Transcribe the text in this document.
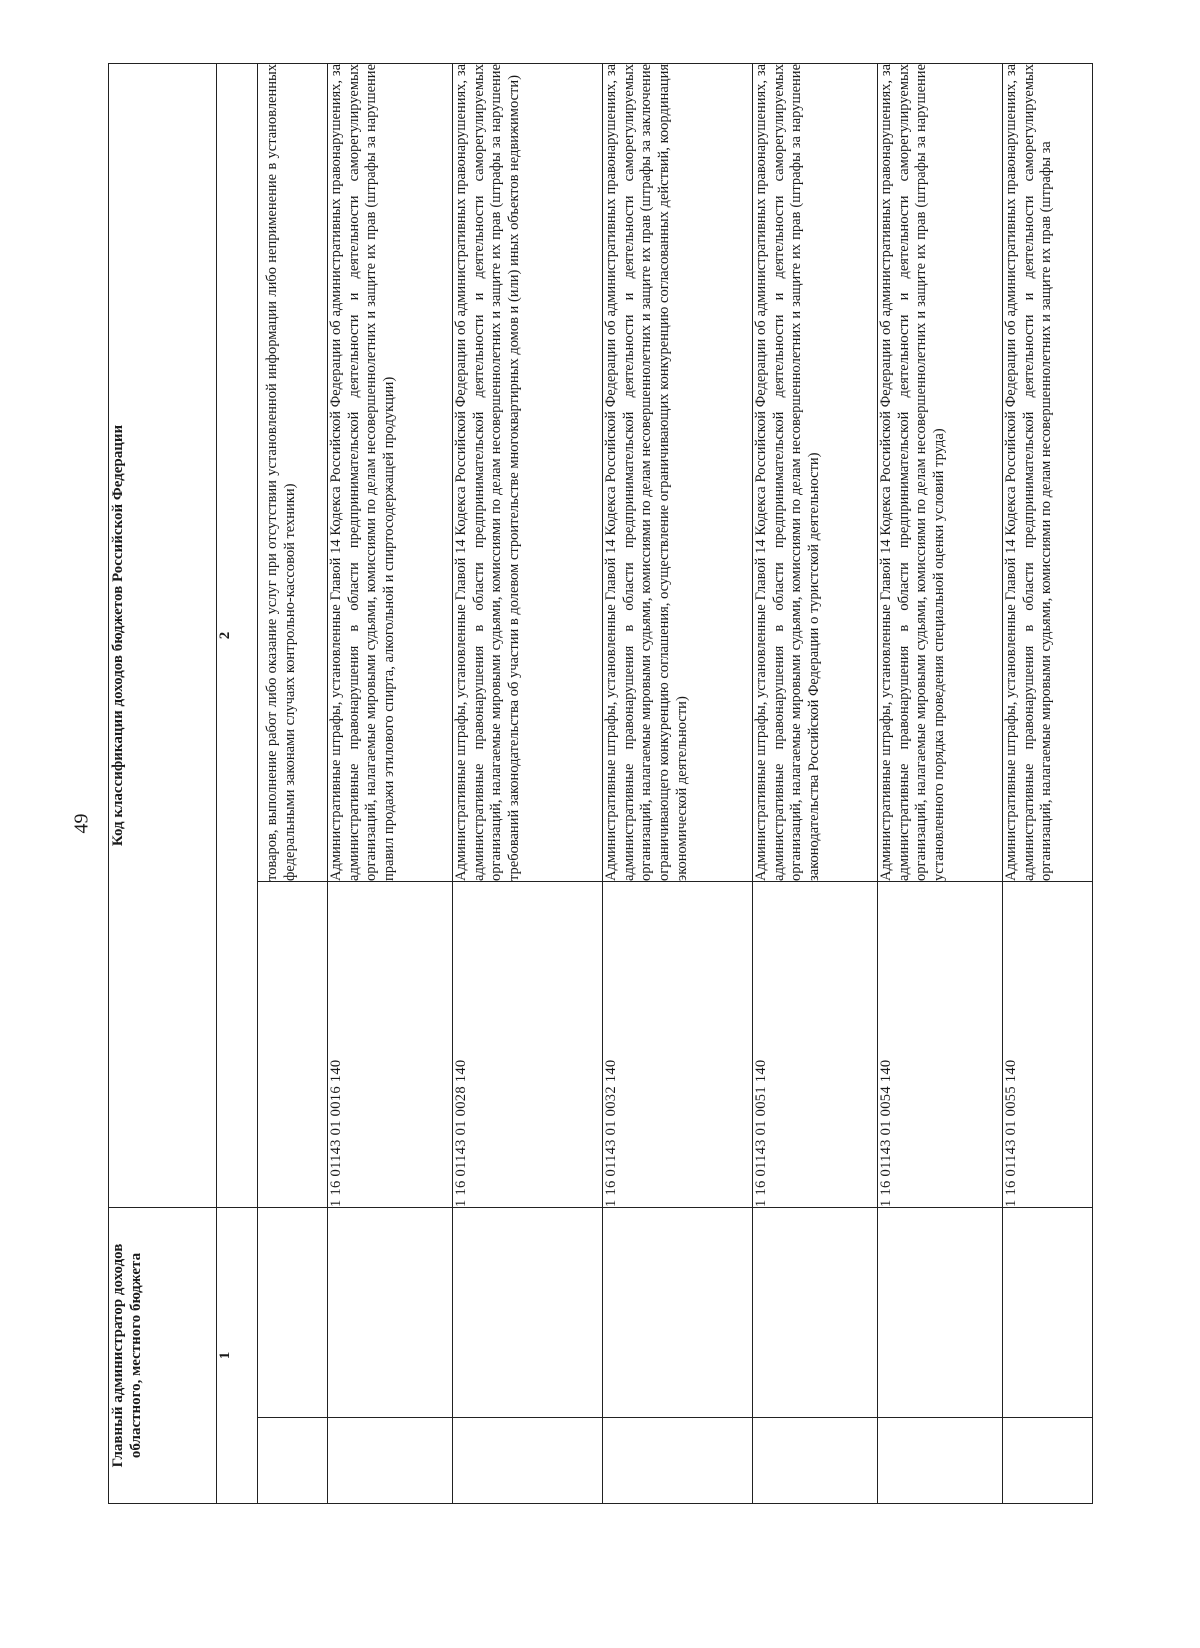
Главный администратор доходов областного, местного бюджета		Код классификации доходов бюджетов Российской Федерации	
1		2	
			товаров, выполнение работ либо оказание услуг при отсутствии установленной информации либо неприменение в установленных федеральными законами случаях контрольно-кассовой техники)
		1 16 01143 01 0016 140	Административные штрафы, установленные Главой 14 Кодекса Российской Федерации об административных правонарушениях, за административные правонарушения в области предпринимательской деятельности и деятельности саморегулируемых организаций, налагаемые мировыми судьями, комиссиями по делам несовершеннолетних и защите их прав (штрафы за нарушение правил продажи этилового спирта, алкогольной и спиртосодержащей продукции)
		1 16 01143 01 0028 140	Административные штрафы, установленные Главой 14 Кодекса Российской Федерации об административных правонарушениях, за административные правонарушения в области предпринимательской деятельности и деятельности саморегулируемых организаций, налагаемые мировыми судьями, комиссиями по делам несовершеннолетних и защите их прав (штрафы за нарушение требований законодательства об участии в долевом строительстве многоквартирных домов и (или) иных объектов недвижимости)
		1 16 01143 01 0032 140	Административные штрафы, установленные Главой 14 Кодекса Российской Федерации об административных правонарушениях, за административные правонарушения в области предпринимательской деятельности и деятельности саморегулируемых организаций, налагаемые мировыми судьями, комиссиями по делам несовершеннолетних и защите их прав (штрафы за заключение ограничивающего конкуренцию соглашения, осуществление ограничивающих конкуренцию согласованных действий, координация экономической деятельности)
		1 16 01143 01 0051 140	Административные штрафы, установленные Главой 14 Кодекса Российской Федерации об административных правонарушениях, за административные правонарушения в области предпринимательской деятельности и деятельности саморегулируемых организаций, налагаемые мировыми судьями, комиссиями по делам несовершеннолетних и защите их прав (штрафы за нарушение законодательства Российской Федерации о туристской деятельности)
		1 16 01143 01 0054 140	Административные штрафы, установленные Главой 14 Кодекса Российской Федерации об административных правонарушениях, за административные правонарушения в области предпринимательской деятельности и деятельности саморегулируемых организаций, налагаемые мировыми судьями, комиссиями по делам несовершеннолетних и защите их прав (штрафы за нарушение установленного порядка проведения специальной оценки условий труда)
		1 16 01143 01 0055 140	Административные штрафы, установленные Главой 14 Кодекса Российской Федерации об административных правонарушениях, за административные правонарушения в области предпринимательской деятельности и деятельности саморегулируемых организаций, налагаемые мировыми судьями, комиссиями по делам несовершеннолетних и защите их прав (штрафы за
49
